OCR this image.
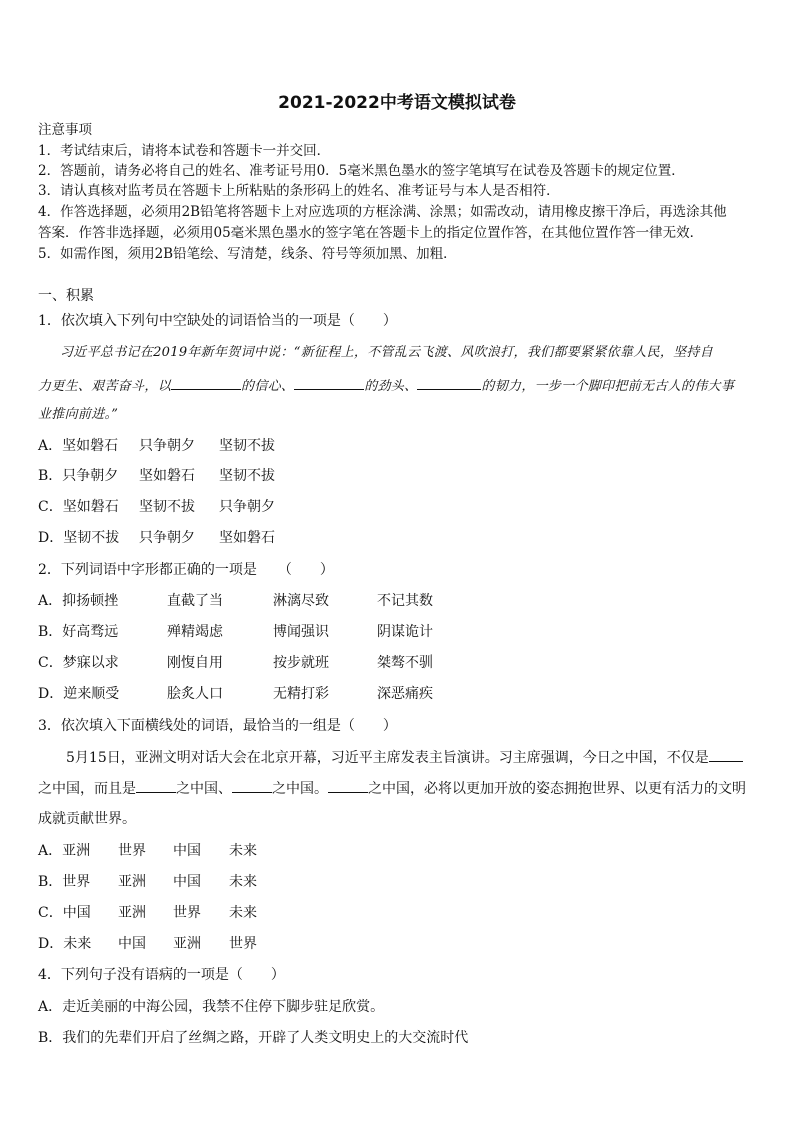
2021-2022中考语文模拟试卷
注意事项
1．考试结束后，请将本试卷和答题卡一并交回．
2．答题前，请务必将自己的姓名、准考证号用0．5毫米黑色墨水的签字笔填写在试卷及答题卡的规定位置．
3．请认真核对监考员在答题卡上所粘贴的条形码上的姓名、准考证号与本人是否相符．
4．作答选择题，必须用2B铅笔将答题卡上对应选项的方框涂满、涂黑；如需改动，请用橡皮擦干净后，再选涂其他
答案．作答非选择题，必须用05毫米黑色墨水的签字笔在答题卡上的指定位置作答，在其他位置作答一律无效．
5．如需作图，须用2B铅笔绘、写清楚，线条、符号等须加黑、加粗．
一、积累
1．依次填入下列句中空缺处的词语恰当的一项是（　　）
习近平总书记在2019年新年贺词中说：“新征程上，不管乱云飞渡、风吹浪打，我们都要紧紧依靠人民，坚持自
力更生、艰苦奋斗，以	的信心、	的劲头、	的韧力，一步一个脚印把前无古人的伟大事
业推向前进。”
A．坚如磐石 只争朝夕 坚韧不拔
B．只争朝夕 坚如磐石 坚韧不拔
C．坚如磐石 坚韧不拔 只争朝夕
D．坚韧不拔 只争朝夕 坚如磐石
2．下列词语中字形都正确的一项是　　（　　）
A．抑扬顿挫	直截了当	淋漓尽致	不记其数
B．好高骛远	殚精竭虑	博闻强识	阴谋诡计
C．梦寐以求	刚愎自用	按步就班	桀骜不驯
D．逆来顺受	脍炙人口	无精打彩	深恶痛疾
3．依次填入下面横线处的词语，最恰当的一组是（　　）
5月15日，亚洲文明对话大会在北京开幕，习近平主席发表主旨演讲。习主席强调，今日之中国，不仅是
之中国，而且是	之中国、	之中国。	之中国，必将以更加开放的姿态拥抱世界、以更有活力的文明
成就贡献世界。
A．亚洲 世界 中国 未来
B．世界 亚洲 中国 未来
C．中国 亚洲 世界 未来
D．未来 中国 亚洲 世界
4．下列句子没有语病的一项是（　　）
A．走近美丽的中海公园，我禁不住停下脚步驻足欣赏。
B．我们的先辈们开启了丝绸之路，开辟了人类文明史上的大交流时代
